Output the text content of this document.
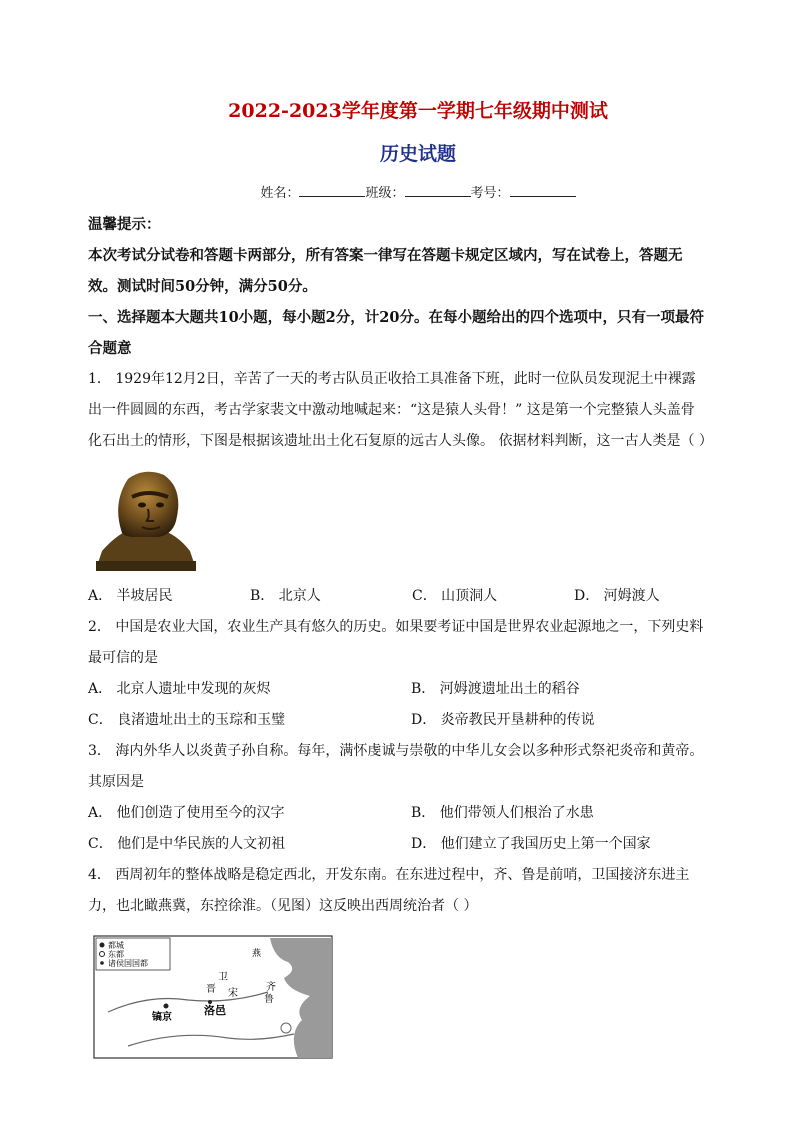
2022-2023学年度第一学期七年级期中测试
历史试题
姓名：	班级：	考号：
温馨提示：
本次考试分试卷和答题卡两部分，所有答案一律写在答题卡规定区域内，写在试卷上，答题无效。测试时间50分钟，满分50分。
一、选择题本大题共10小题，每小题2分，计20分。在每小题给出的四个选项中，只有一项最符合题意
1． 1929年12月2日，辛苦了一天的考古队员正收拾工具准备下班，此时一位队员发现泥土中裸露出一件圆圆的东西，考古学家裴文中激动地喊起来：“这是猿人头骨！” 这是第一个完整猿人头盖骨化石出土的情形，下图是根据该遗址出土化石复原的远古人头像。 依据材料判断，这一古人类是（ ）
A． 半坡居民	B． 北京人	C． 山顶洞人	D． 河姆渡人
2． 中国是农业大国，农业生产具有悠久的历史。如果要考证中国是世界农业起源地之一，下列史料最可信的是
A． 北京人遗址中发现的灰烬	B． 河姆渡遗址出土的稻谷
C． 良渚遗址出土的玉琮和玉璧	D． 炎帝教民开垦耕种的传说
3． 海内外华人以炎黄子孙自称。每年，满怀虔诚与崇敬的中华儿女会以多种形式祭祀炎帝和黄帝。其原因是
A． 他们创造了使用至今的汉字	B． 他们带领人们根治了水患
C． 他们是中华民族的人文初祖	D． 他们建立了我国历史上第一个国家
4． 西周初年的整体战略是稳定西北，开发东南。在东进过程中，齐、鲁是前哨，卫国接济东进主力，也北瞰燕冀，东控徐淮。（见图）这反映出西周统治者（ ）
都城
东都
诸侯国国都
燕
卫
齐
晋
鲁
宋
洛邑
镐京
